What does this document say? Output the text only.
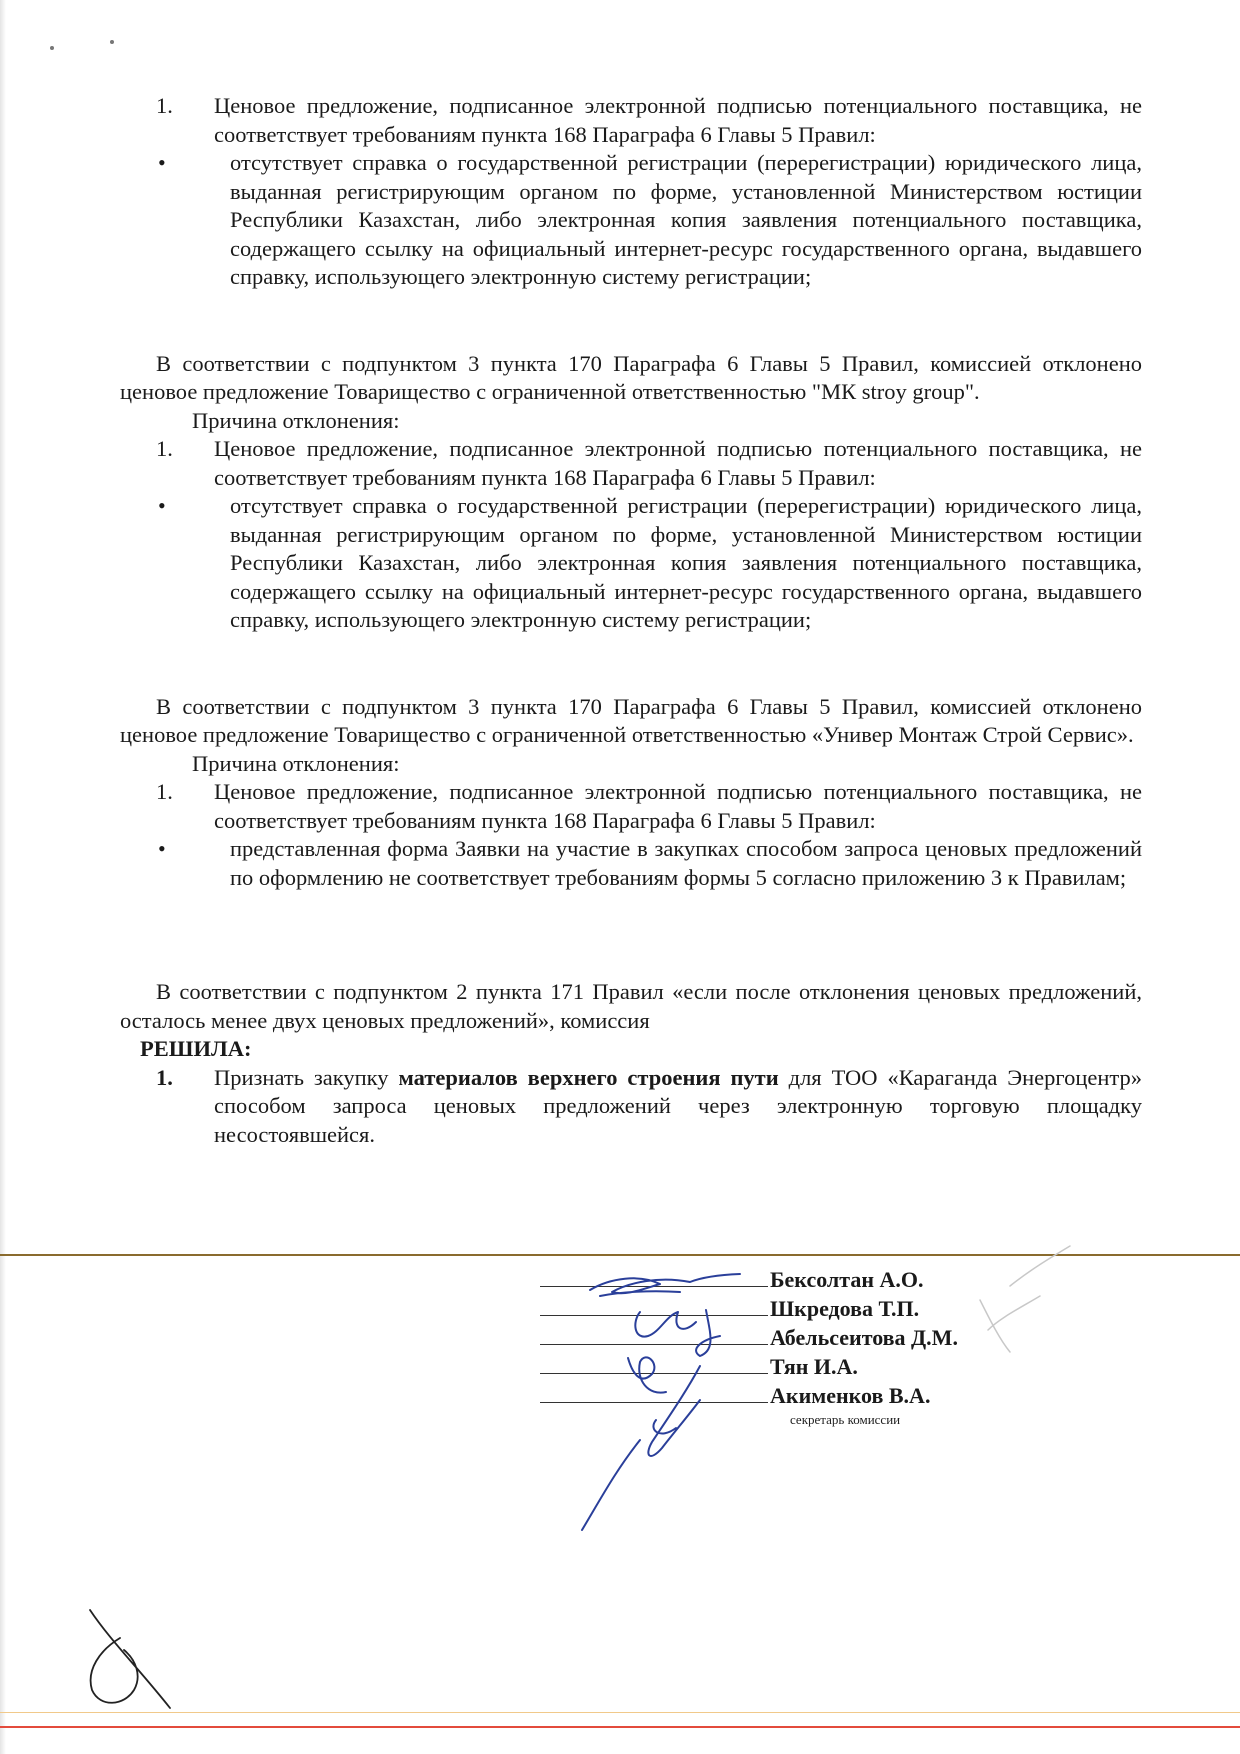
1.	Ценовое предложение, подписанное электронной подписью потенциального поставщика, не соответствует требованиям пункта 168 Параграфа 6 Главы 5 Правил:
•	отсутствует справка о государственной регистрации (перерегистрации) юридического лица, выданная регистрирующим органом по форме, установленной Министерством юстиции Республики Казахстан, либо электронная копия заявления потенциального поставщика, содержащего ссылку на официальный интернет-ресурс государственного органа, выдавшего справку, использующего электронную систему регистрации;

В соответствии с подпунктом 3 пункта 170 Параграфа 6 Главы 5 Правил, комиссией отклонено ценовое предложение Товарищество с ограниченной ответственностью "МК stroy group".

Причина отклонения:

1.	Ценовое предложение, подписанное электронной подписью потенциального поставщика, не соответствует требованиям пункта 168 Параграфа 6 Главы 5 Правил:
•	отсутствует справка о государственной регистрации (перерегистрации) юридического лица, выданная регистрирующим органом по форме, установленной Министерством юстиции Республики Казахстан, либо электронная копия заявления потенциального поставщика, содержащего ссылку на официальный интернет-ресурс государственного органа, выдавшего справку, использующего электронную систему регистрации;

В соответствии с подпунктом 3 пункта 170 Параграфа 6 Главы 5 Правил, комиссией отклонено ценовое предложение Товарищество с ограниченной ответственностью «Универ Монтаж Строй Сервис».

Причина отклонения:

1.	Ценовое предложение, подписанное электронной подписью потенциального поставщика, не соответствует требованиям пункта 168 Параграфа 6 Главы 5 Правил:
•	представленная форма Заявки на участие в закупках способом запроса ценовых предложений по оформлению не соответствует требованиям формы 5 согласно приложению 3 к Правилам;

В соответствии с подпунктом 2 пункта 171 Правил «если после отклонения ценовых предложений, осталось менее двух ценовых предложений», комиссия

РЕШИЛА:

1.	Признать закупку материалов верхнего строения пути для ТОО «Караганда Энергоцентр» способом запроса ценовых предложений через электронную торговую площадку несостоявшейся.
Бексолтан А.О.
Шкредова Т.П.
Абельсеитова Д.М.
Тян И.А.
Акименков В.А.
секретарь комиссии
